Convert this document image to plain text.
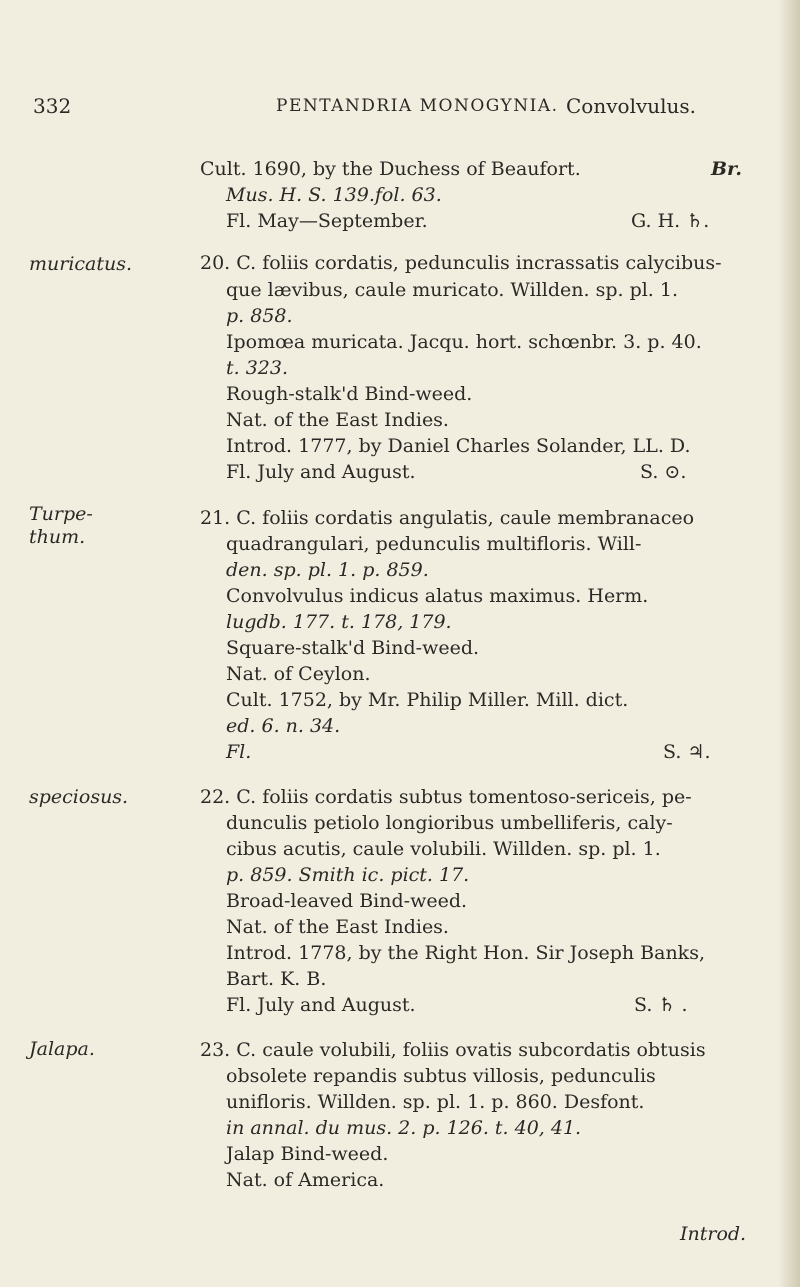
332	PENTANDRIA MONOGYNIA. Convolvulus.
Cult. 1690, by the Duchess of Beaufort.	Br.
Mus. H. S. 139.fol. 63.
Fl. May—September.	G. H. ♄.
muricatus.	20. C. foliis cordatis, pedunculis incrassatis calycibus-
que lævibus, caule muricato. Willden. sp. pl. 1.
p. 858.
Ipomœa muricata. Jacqu. hort. schœnbr. 3. p. 40.
t. 323.
Rough-stalk'd Bind-weed.
Nat. of the East Indies.
Introd. 1777, by Daniel Charles Solander, LL. D.
Fl. July and August.	S. ⊙.
Turpe-
thum.
21. C. foliis cordatis angulatis, caule membranaceo
quadrangulari, pedunculis multifloris. Will-
den. sp. pl. 1. p. 859.
Convolvulus indicus alatus maximus. Herm.
lugdb. 177. t. 178, 179.
Square-stalk'd Bind-weed.
Nat. of Ceylon.
Cult. 1752, by Mr. Philip Miller. Mill. dict.
ed. 6. n. 34.
Fl.	S. ♃.
speciosus.	22. C. foliis cordatis subtus tomentoso-sericeis, pe-
dunculis petiolo longioribus umbelliferis, caly-
cibus acutis, caule volubili. Willden. sp. pl. 1.
p. 859. Smith ic. pict. 17.
Broad-leaved Bind-weed.
Nat. of the East Indies.
Introd. 1778, by the Right Hon. Sir Joseph Banks,
Bart. K. B.
Fl. July and August.	S. ♄ .
Jalapa.	23. C. caule volubili, foliis ovatis subcordatis obtusis
obsolete repandis subtus villosis, pedunculis
unifloris. Willden. sp. pl. 1. p. 860. Desfont.
in annal. du mus. 2. p. 126. t. 40, 41.
Jalap Bind-weed.
Nat. of America.
Introd.
